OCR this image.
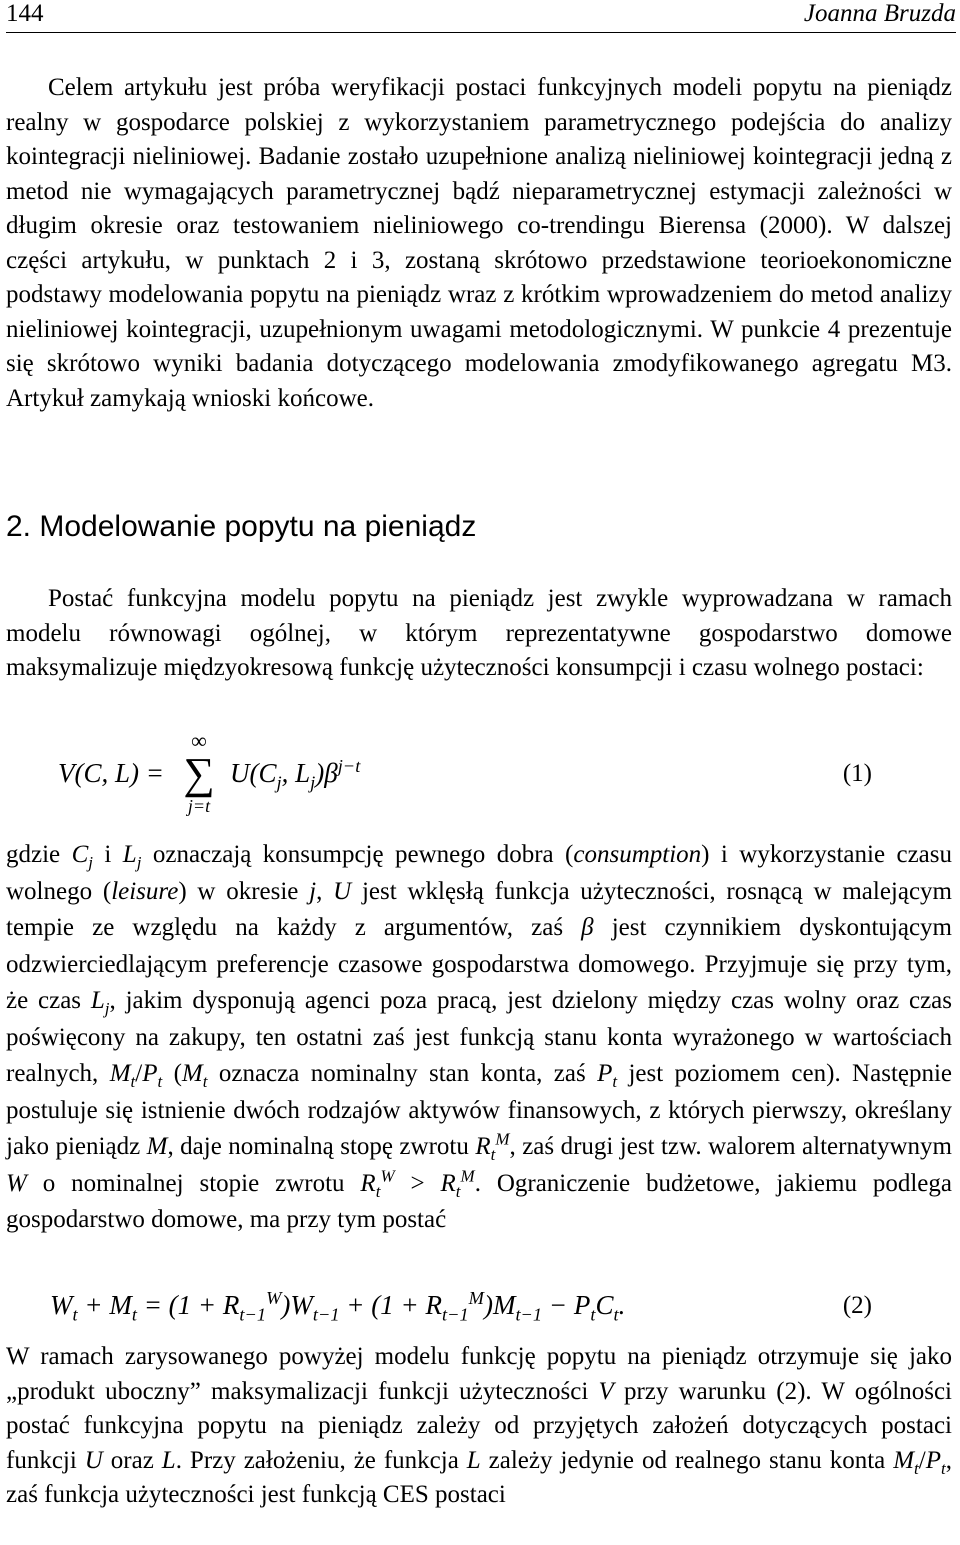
144	Joanna Bruzda

Celem artykułu jest próba weryfikacji postaci funkcyjnych modeli popytu na pieniądz realny w gospodarce polskiej z wykorzystaniem parametrycznego podejścia do analizy kointegracji nieliniowej. Badanie zostało uzupełnione analizą nieliniowej kointegracji jedną z metod nie wymagających parametrycznej bądź nieparametrycznej estymacji zależności w długim okresie oraz testowaniem nieliniowego co-trendingu Bierensa (2000). W dalszej części artykułu, w punktach 2 i 3, zostaną skrótowo przedstawione teorioekonomiczne podstawy modelowania popytu na pieniądz wraz z krótkim wprowadzeniem do metod analizy nieliniowej kointegracji, uzupełnionym uwagami metodologicznymi. W punkcie 4 prezentuje się skrótowo wyniki badania dotyczącego modelowania zmodyfikowanego agregatu M3. Artykuł zamykają wnioski końcowe.

2. Modelowanie popytu na pieniądz

Postać funkcyjna modelu popytu na pieniądz jest zwykle wyprowadzana w ramach modelu równowagi ogólnej, w którym reprezentatywne gospodarstwo domowe maksymalizuje międzyokresową funkcję użyteczności konsumpcji i czasu wolnego postaci:

V(C, L) =
∞
∑
j=t
$U(C_j$, $L_j)\beta^{j-t}$	(1)

gdzie $C_j$ i $L_j$ oznaczają konsumpcję pewnego dobra (consumption) i wykorzystanie czasu wolnego (leisure) w okresie j, U jest wklęsłą funkcja użyteczności, rosnącą w malejącym tempie ze względu na każdy z argumentów, zaś β jest czynnikiem dyskontującym odzwierciedlającym preferencje czasowe gospodarstwa domowego. Przyjmuje się przy tym, że czas $L_j$, jakim dysponują agenci poza pracą, jest dzielony między czas wolny oraz czas poświęcony na zakupy, ten ostatni zaś jest funkcją stanu konta wyrażonego w wartościach realnych, $M_t/P_t$ ($M_t$ oznacza nominalny stan konta, zaś $P_t$ jest poziomem cen). Następnie postuluje się istnienie dwóch rodzajów aktywów finansowych, z których pierwszy, określany jako pieniądz M, daje nominalną stopę zwrotu $R_t^M$, zaś drugi jest tzw. walorem alternatywnym W o nominalnej stopie zwrotu $R_t^W > R_t^M$. Ograniczenie budżetowe, jakiemu podlega gospodarstwo domowe, ma przy tym postać

$W_t + M_t = (1 + R_{t-1}^W)W_{t-1} + (1 + R_{t-1}^M)M_{t-1} - P_tC_t$.	(2)

W ramach zarysowanego powyżej modelu funkcję popytu na pieniądz otrzymuje się jako „produkt uboczny” maksymalizacji funkcji użyteczności V przy warunku (2). W ogólności postać funkcyjna popytu na pieniądz zależy od przyjętych założeń dotyczących postaci funkcji U oraz L. Przy założeniu, że funkcja L zależy jedynie od realnego stanu konta $M_t/P_t$, zaś funkcja użyteczności jest funkcją CES postaci
